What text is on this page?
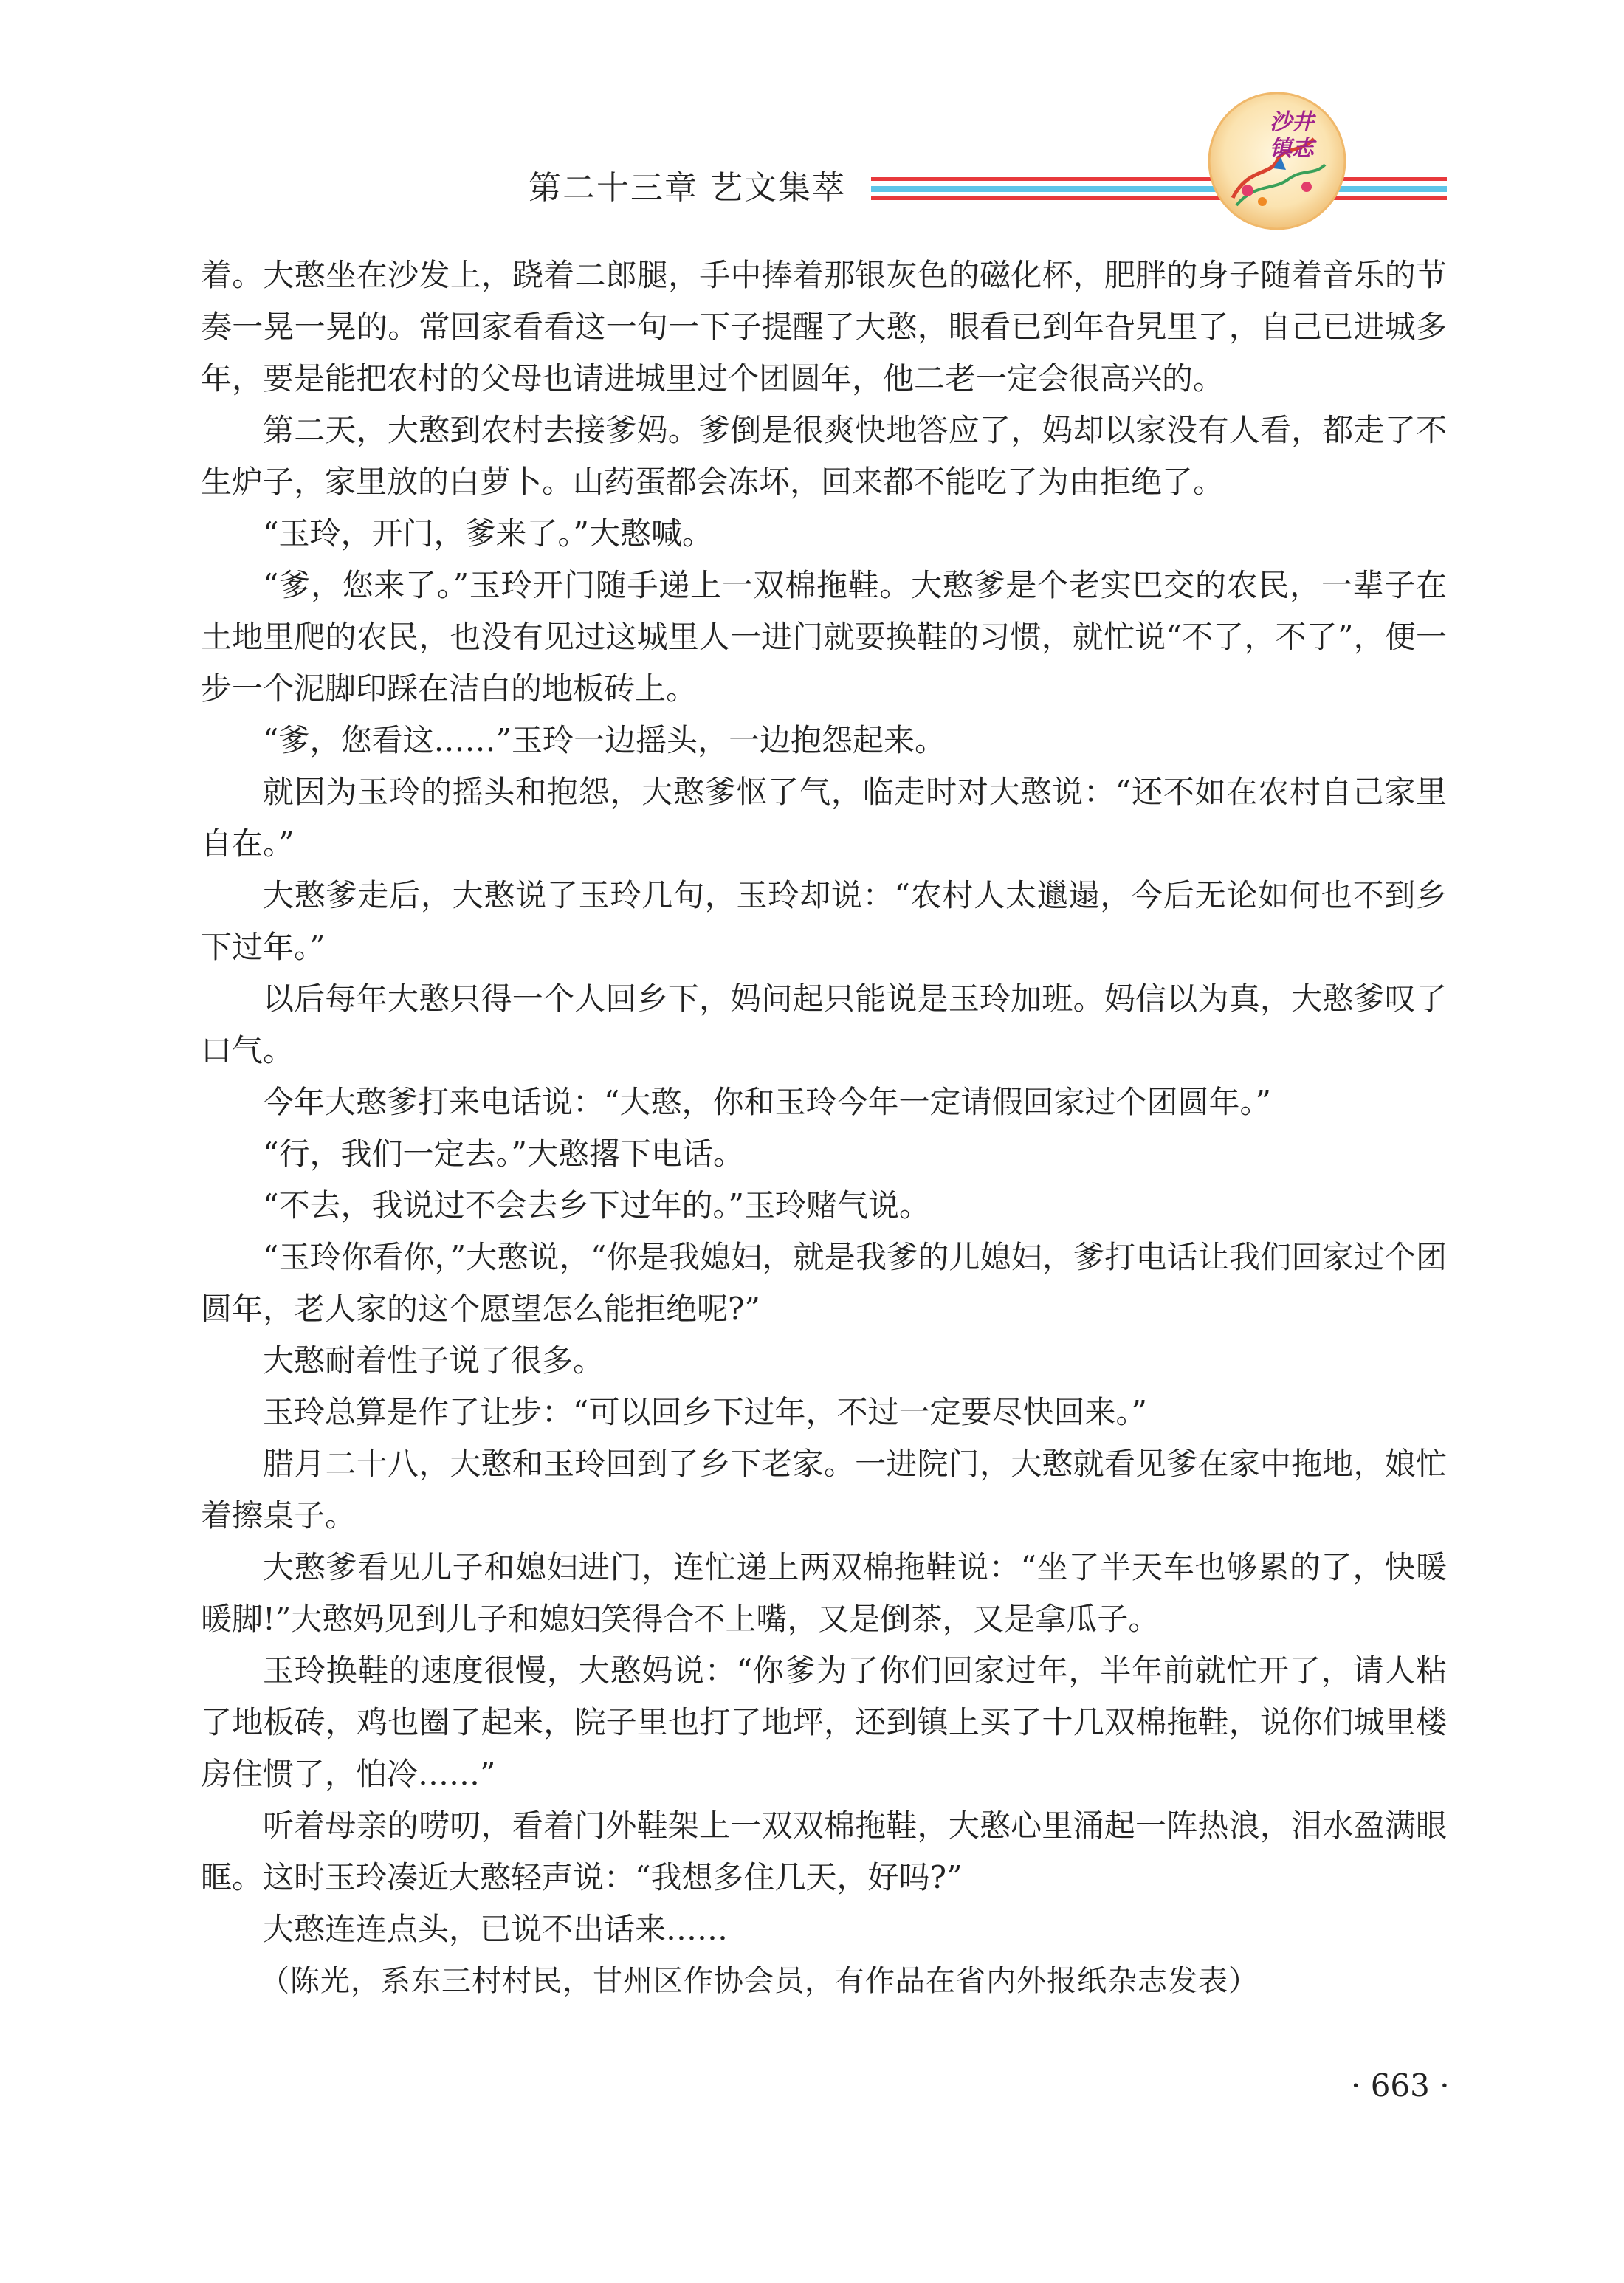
第二十三章 艺文集萃
沙井
镇志

着。大憨坐在沙发上，跷着二郎腿，手中捧着那银灰色的磁化杯，肥胖的身子随着音乐的节奏一晃一晃的。常回家看看这一句一下子提醒了大憨，眼看已到年旮旯里了，自己已进城多年，要是能把农村的父母也请进城里过个团圆年，他二老一定会很高兴的。

第二天，大憨到农村去接爹妈。爹倒是很爽快地答应了，妈却以家没有人看，都走了不生炉子，家里放的白萝卜。山药蛋都会冻坏，回来都不能吃了为由拒绝了。

“玉玲，开门，爹来了。”大憨喊。

“爹，您来了。”玉玲开门随手递上一双棉拖鞋。大憨爹是个老实巴交的农民，一辈子在土地里爬的农民，也没有见过这城里人一进门就要换鞋的习惯，就忙说“不了，不了”，便一步一个泥脚印踩在洁白的地板砖上。

“爹，您看这……”玉玲一边摇头，一边抱怨起来。

就因为玉玲的摇头和抱怨，大憨爹怄了气，临走时对大憨说：“还不如在农村自己家里自在。”

大憨爹走后，大憨说了玉玲几句，玉玲却说：“农村人太邋遢，今后无论如何也不到乡下过年。”

以后每年大憨只得一个人回乡下，妈问起只能说是玉玲加班。妈信以为真，大憨爹叹了口气。

今年大憨爹打来电话说：“大憨，你和玉玲今年一定请假回家过个团圆年。”

“行，我们一定去。”大憨撂下电话。

“不去，我说过不会去乡下过年的。”玉玲赌气说。

“玉玲你看你，”大憨说，“你是我媳妇，就是我爹的儿媳妇，爹打电话让我们回家过个团圆年，老人家的这个愿望怎么能拒绝呢?”

大憨耐着性子说了很多。

玉玲总算是作了让步：“可以回乡下过年，不过一定要尽快回来。”

腊月二十八，大憨和玉玲回到了乡下老家。一进院门，大憨就看见爹在家中拖地，娘忙着擦桌子。

大憨爹看见儿子和媳妇进门，连忙递上两双棉拖鞋说：“坐了半天车也够累的了，快暖暖脚!”大憨妈见到儿子和媳妇笑得合不上嘴，又是倒茶，又是拿瓜子。

玉玲换鞋的速度很慢，大憨妈说：“你爹为了你们回家过年，半年前就忙开了，请人粘了地板砖，鸡也圈了起来，院子里也打了地坪，还到镇上买了十几双棉拖鞋，说你们城里楼房住惯了，怕冷……”

听着母亲的唠叨，看着门外鞋架上一双双棉拖鞋，大憨心里涌起一阵热浪，泪水盈满眼眶。这时玉玲凑近大憨轻声说：“我想多住几天，好吗?”

大憨连连点头，已说不出话来……

（陈光，系东三村村民，甘州区作协会员，有作品在省内外报纸杂志发表）

· 663 ·
